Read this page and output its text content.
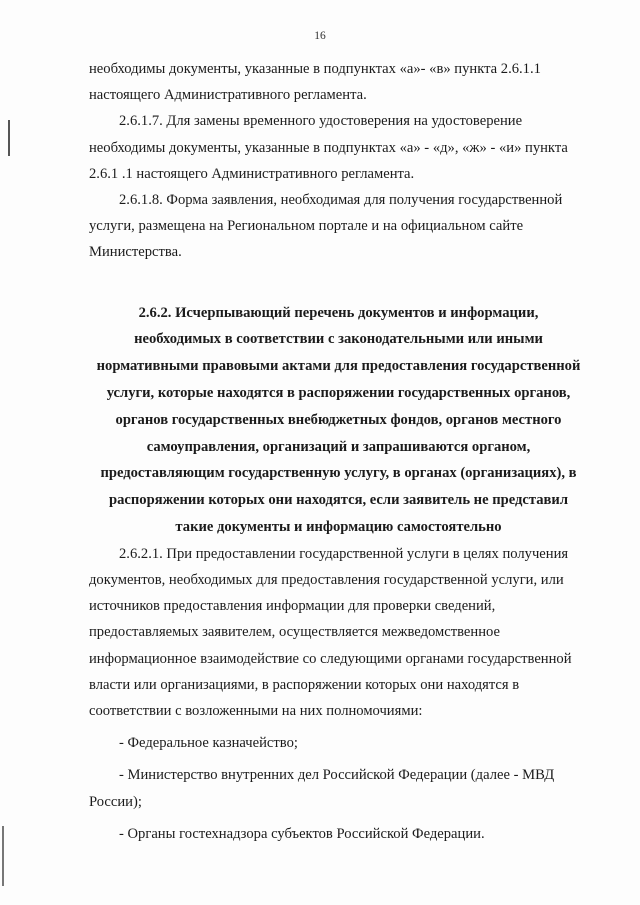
16

необходимы документы, указанные в подпунктах «а»- «в» пункта 2.6.1.1
настоящего Административного регламента.

2.6.1.7. Для замены временного удостоверения на удостоверение
необходимы документы, указанные в подпунктах «а» - «д», «ж» - «и» пункта
2.6.1 .1 настоящего Административного регламента.

2.6.1.8. Форма заявления, необходимая для получения государственной
услуги, размещена на Региональном портале и на официальном сайте
Министерства.

2.6.2. Исчерпывающий перечень документов и информации,
необходимых в соответствии с законодательными или иными
нормативными правовыми актами для предоставления государственной
услуги, которые находятся в распоряжении государственных органов,
органов государственных внебюджетных фондов, органов местного
самоуправления, организаций и запрашиваются органом,
предоставляющим государственную услугу, в органах (организациях), в
распоряжении которых они находятся, если заявитель не представил
такие документы и информацию самостоятельно

2.6.2.1. При предоставлении государственной услуги в целях получения
документов, необходимых для предоставления государственной услуги, или
источников предоставления информации для проверки сведений,
предоставляемых заявителем, осуществляется межведомственное
информационное взаимодействие со следующими органами государственной
власти или организациями, в распоряжении которых они находятся в
соответствии с возложенными на них полномочиями:

- Федеральное казначейство;

- Министерство внутренних дел Российской Федерации (далее - МВД
России);

- Органы гостехнадзора субъектов Российской Федерации.
